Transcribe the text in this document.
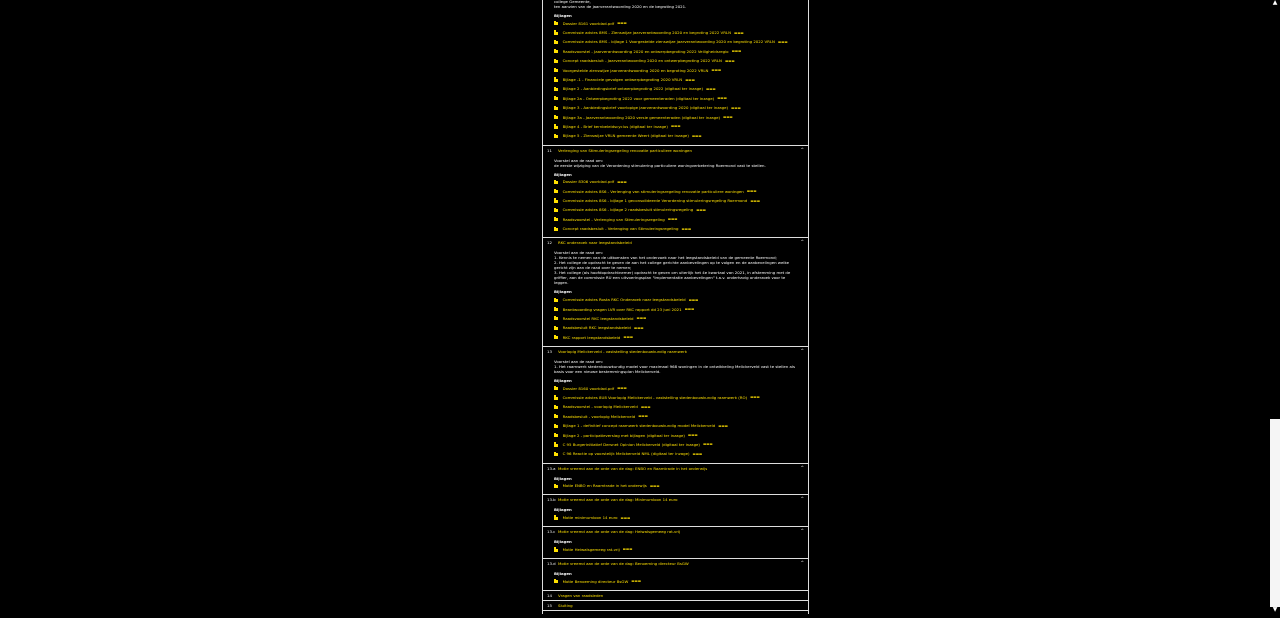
college Gemeente,
ten aanzien van de jaarverantwoording 2020 en de begroting 2021.
Bijlagen
Dossier 8161 voorblad.pdf ▬▬▬
Commissie advies 8MS - Zienswijze jaarverantwoording 2020 en begroting 2022 VRLN ▬▬▬
Commissie advies 8MS - bijlage 1 Voorgestelde zienswijze jaarverantwoording 2020 en begroting 2022 VRLN ▬▬▬
Raadsvoorstel - Jaarverantwoording 2020 en ontwerpbegroting 2022 Veiligheidsregio ▬▬▬
Concept raadsbesluit - Jaarverantwoording 2020 en ontwerpbegroting 2022 VRLN ▬▬▬
Voorgestelde zienswijze jaarverantwoording 2020 en begroting 2022 VRLN ▬▬▬
Bijlage -1 - Financiele gevolgen ontwerpbegroting 2020 VRLN ▬▬▬
Bijlage 2 - Aanbiedingsbrief ontwerpbegroting 2022 (digitaal ter inzage) ▬▬▬
Bijlage 2a - Ontwerpbegroting 2022 voor gemeenteraden (digitaal ter inzage) ▬▬▬
Bijlage 3 - Aanbiedingsbrief voorlopige jaarverantwoording 2020 (digitaal ter inzage) ▬▬▬
Bijlage 3a - Jaarverantwoording 2020 versie gemeenteraden (digitaal ter inzage) ▬▬▬
Bijlage 4 - Brief kernbeleidscyclus (digitaal ter inzage) ▬▬▬
Bijlage 5 - Zienswijze VRLN gemeente Weert (digitaal ter inzage) ▬▬▬
11	Verlenging van Stimuleringsregeling renovatie particuliere woningen	^
Voorstel aan de raad om:
de eerste wijziging van de Verordening stimulering particuliere woningverbetering Roermond vast te stellen.
Bijlagen
Dossier 8306 voorblad.pdf ▬▬▬
Commissie advies 8S6 - Verlenging van stimuleringsregeling renovatie particuliere woningen ▬▬▬
Commissie advies 8S6 - bijlage 1 geconsolideerde Verordening stimuleringsregeling Roermond ▬▬▬
Commissie advies 8S6 - bijlage 2 raadsbesluit stimuleringsregeling ▬▬▬
Raadsvoorstel - Verlenging van Stimuleringsregeling ▬▬▬
Concept raadsbesluit - Verlenging van Stimuleringsregeling ▬▬▬
12	RKC onderzoek naar leegstandsbeleid	^
Voorstel aan de raad om:
1. Kennis te nemen van de uitkomsten van het onderzoek naar het leegstandsbeleid van de gemeente Roermond;
2. Het college de opdracht te geven de aan het college gerichte aanbevelingen op te volgen en de aanbevelingen welke gericht zijn aan de raad over te nemen;
3. Het college (als hoofdopdrachtnemer) opdracht te geven om uiterlijk het 4e kwartaal van 2021, in afstemming met de griffier, aan de commissie RU een uitvoeringsplan "Implementatie aanbevelingen" t.a.v. onderhavig onderzoek voor te leggen.
Bijlagen
Commissie advies Rosta RKC Onderzoek naar leegstandsbeleid ▬▬▬
Beantwoording vragen LVR over RKC rapport dd 23 juni 2021 ▬▬▬
Raadsvoorstel RKC leegstandsbeleid ▬▬▬
Raadsbesluit RKC leegstandsbeleid ▬▬▬
RKC rapport leegstandsbeleid ▬▬▬
13	Voorlopig Melickerveld - vaststelling stedenbouwkundig raamwerk	^
Voorstel aan de raad om:
1. Het raamwerk stedenbouwkundig model voor maximaal 968 woningen in de ontwikkeling Melickerveld vast te stellen als basis voor een nieuwe bestemmingsplan Melickerveld.
Bijlagen
Dossier 8160 voorblad.pdf ▬▬▬
Commissie advies 8U8 Voorlopig Melickerveld - vaststelling stedenbouwkundig raamwerk (RO) ▬▬▬
Raadsvoorstel - voorlopig Melickerveld ▬▬▬
Raadsbesluit - voorlopig Melickerveld ▬▬▬
Bijlage 1 - definitief concept raamwerk stedenbouwkundig model Melickerveld ▬▬▬
Bijlage 2 - participatieverslag met bijlagen (digitaal ter inzage) ▬▬▬
C 95 Burgerinitiatief Dersnet Opinion Melickerveld (digitaal ter inzage) ▬▬▬
C 96 Reactie op voorstelijk Melickerveld NML (digitaal ter inzage) ▬▬▬
13.a Motie vreemd aan de orde van de dag: ENBO en Raamtrade in het onderwijs	^
Bijlagen
Motie ENBO en Raamtrade in het onderwijs ▬▬▬
13.b Motie vreemd aan de orde van de dag: Minimumloon 14 euro	^
Bijlagen
Motie minimumloon 14 euro ▬▬▬
13.c Motie vreemd aan de orde van de dag: Heiwalsgemeeg rat-vrij	^
Bijlagen
Motie Heiwalsgemeeg rat-vrij ▬▬▬
13.d Motie vreemd aan de orde van de dag: Benoeming directeur BsGW	^
Bijlagen
Motie Benoeming directeur BsGW ▬▬▬
14	Vragen van raadsleden
15	Sluiting
▲
▼
